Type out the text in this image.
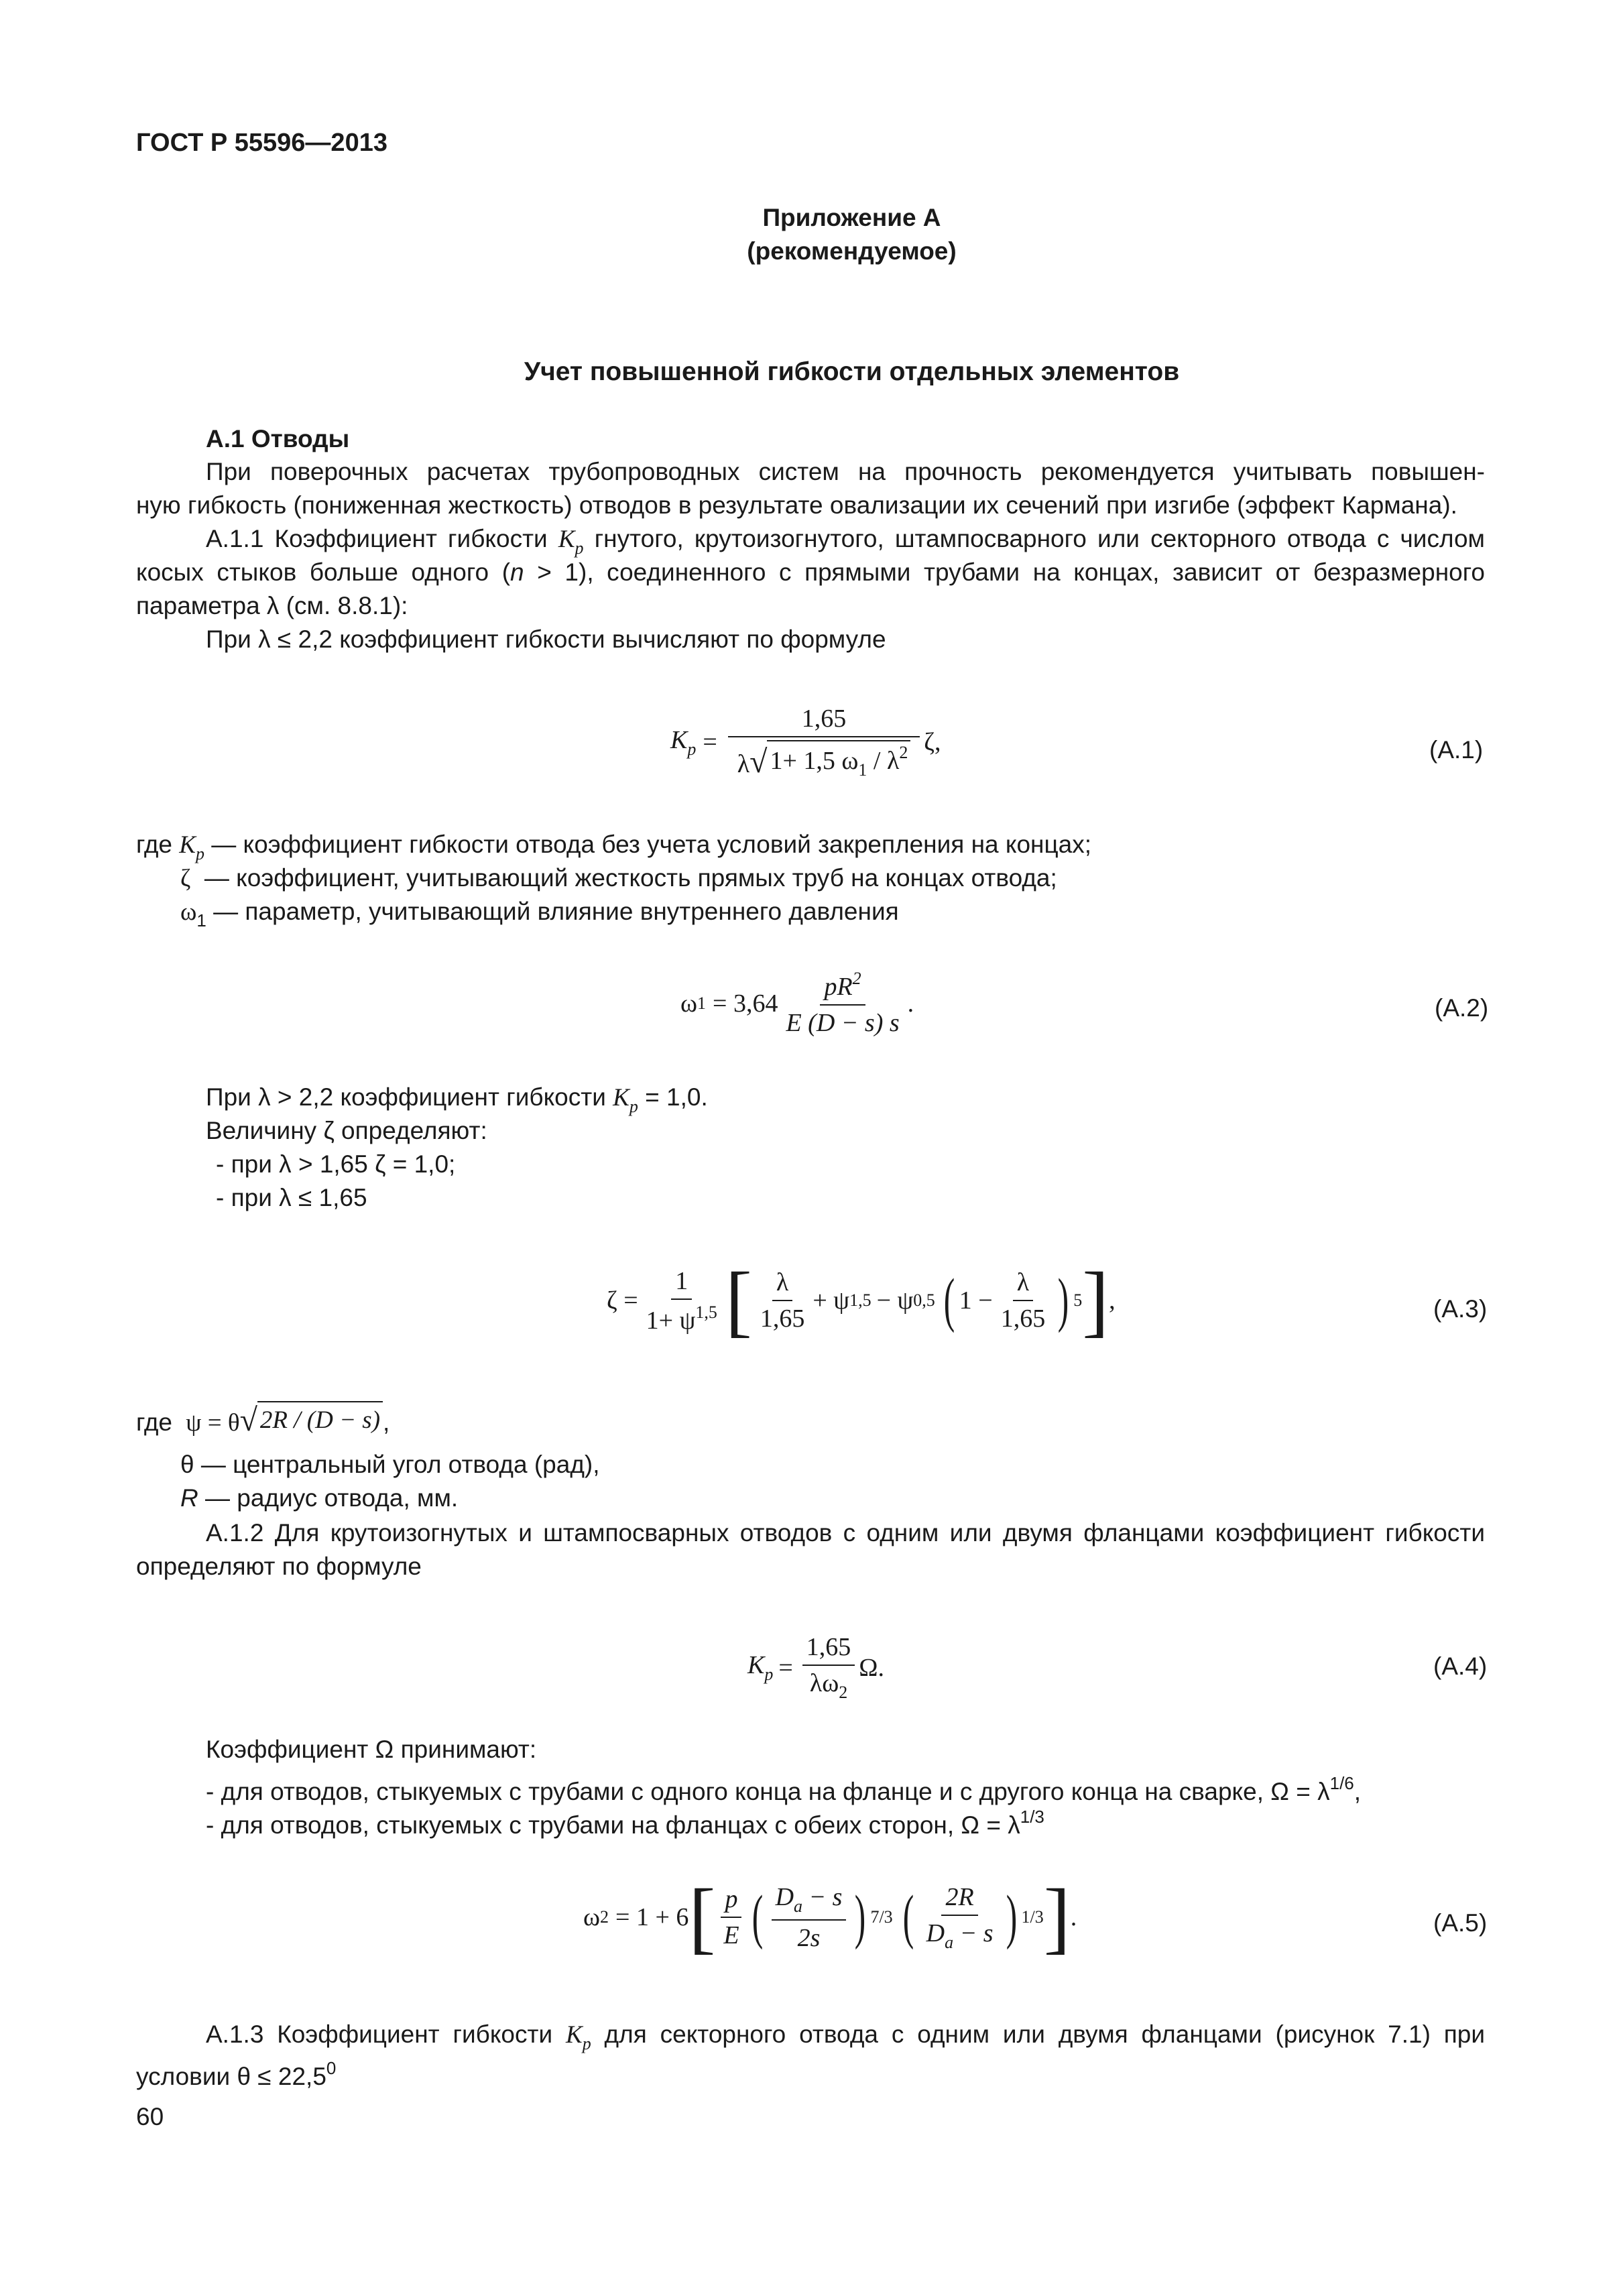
ГОСТ Р 55596—2013
Приложение А
(рекомендуемое)
Учет повышенной гибкости отдельных элементов
А.1 Отводы
При поверочных расчетах трубопроводных систем на прочность рекомендуется учитывать повышен-
ную гибкость (пониженная жесткость) отводов в результате овализации их сечений при изгибе (эффект Кармана).
А.1.1 Коэффициент гибкости $K_p$ гнутого, крутоизогнутого, штампосварного или секторного отвода с числом
косых стыков больше одного (n > 1), соединенного с прямыми трубами на концах, зависит от безразмерного
параметра λ (см. 8.8.1):
При λ ≤ 2,2 коэффициент гибкости вычисляют по формуле
$K_p = \frac{1,65}{\lambda √ 1+ 1,5 \omega_1 / \lambda^2} \zeta$,	(А.1)
где $K_p$ — коэффициент гибкости отвода без учета условий закрепления на концах;
ζ — коэффициент, учитывающий жесткость прямых труб на концах отвода;
$\omega_1$ — параметр, учитывающий влияние внутреннего давления
ω $1 = 3,64 \frac{pR^2}{E (D - s) s}$ .	(А.2)
При λ > 2,2 коэффициент гибкости $K_p = 1,0$.
Величину ζ определяют:
- при λ > 1,65 ζ = 1,0;
- при λ ≤ 1,65
$\zeta = \frac{1}{1+ \psi^{1,5}}$ [ $\frac{\lambda}{1,65} + \psi$ 1,5 − ψ 0,5 ( $1 - \frac{\lambda}{1,65}$ ) 5 ] ,	(А.3)
где ψ = θ √ 2R / (D − s) ,
θ — центральный угол отвода (рад),
R — радиус отвода, мм.
А.1.2 Для крутоизогнутых и штампосварных отводов с одним или двумя фланцами коэффициент гибкости
определяют по формуле
$K_p = \frac{1,65}{\lambda\omega_2} \Omega$.	(А.4)
Коэффициент Ω принимают:
- для отводов, стыкуемых с трубами с одного конца на фланце и с другого конца на сварке, $\Omega = \lambda^{1/6}$,
- для отводов, стыкуемых с трубами на фланцах с обеих сторон, $\Omega = \lambda^{1/3}$
ω 2 = 1 + 6 [ $\frac{p}{E}$ ( $\frac{D_a - s}{2s}$ ) 7/3 ( $\frac{2R}{D_a - s}$ ) 1/3 ] .	(А.5)
А.1.3 Коэффициент гибкости $K_p$ для секторного отвода с одним или двумя фланцами (рисунок 7.1) при
условии $\theta \le 22,5^0$
60
